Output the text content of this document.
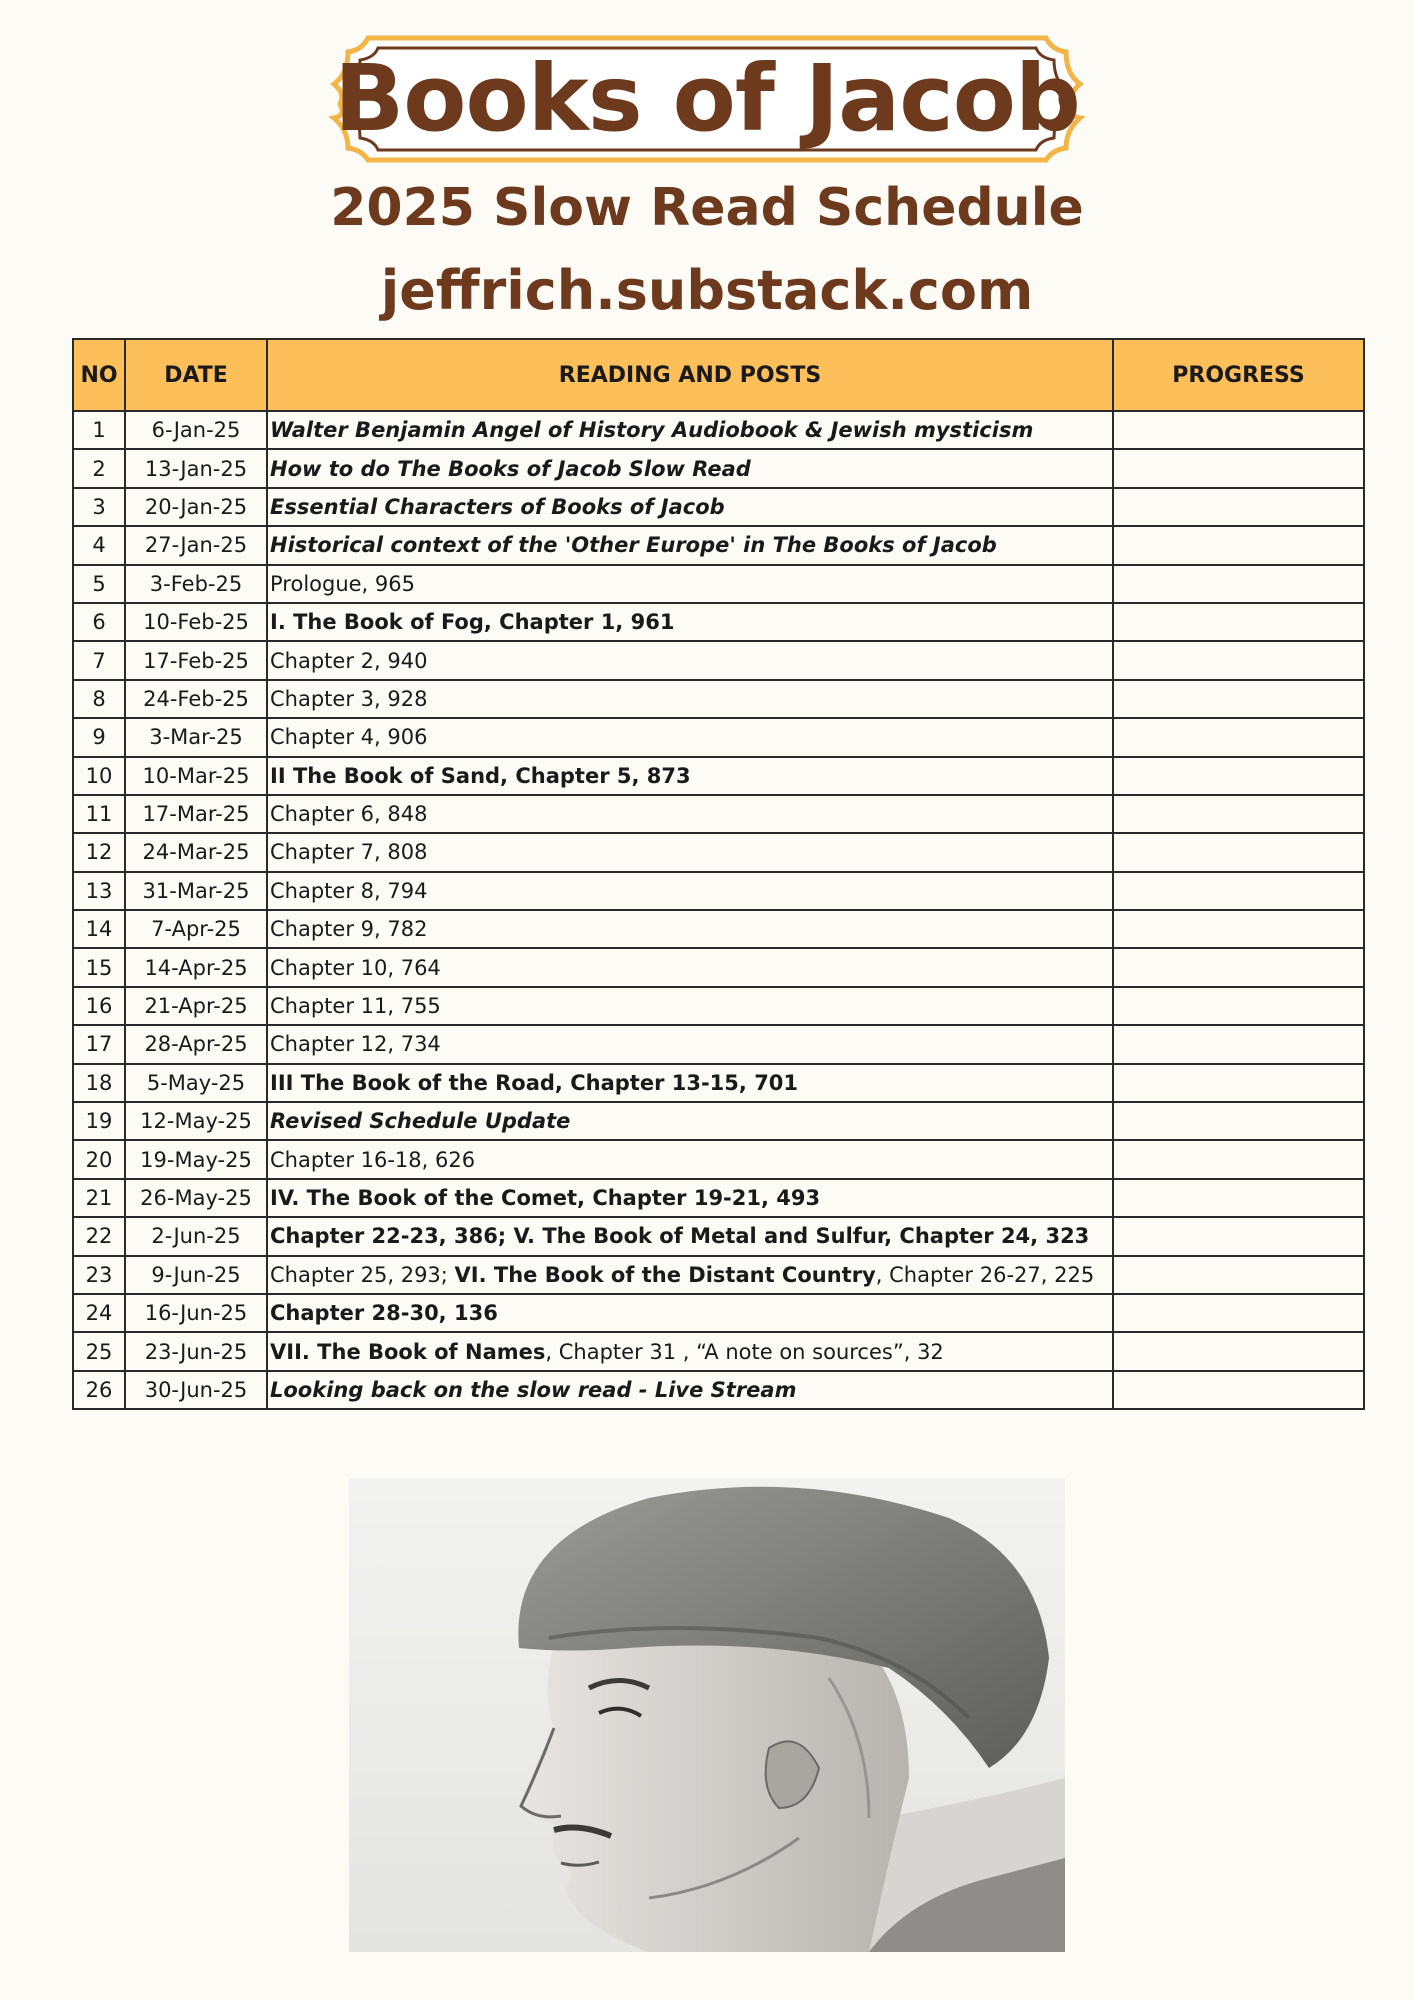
Books of Jacob
2025 Slow Read Schedule
jeffrich.substack.com
NO	DATE	READING AND POSTS	PROGRESS
1	6-Jan-25	Walter Benjamin Angel of History Audiobook & Jewish mysticism	
2	13-Jan-25	How to do The Books of Jacob Slow Read	
3	20-Jan-25	Essential Characters of Books of Jacob	
4	27-Jan-25	Historical context of the 'Other Europe' in The Books of Jacob	
5	3-Feb-25	Prologue, 965	
6	10-Feb-25	I. The Book of Fog, Chapter 1, 961	
7	17-Feb-25	Chapter 2, 940	
8	24-Feb-25	Chapter 3, 928	
9	3-Mar-25	Chapter 4, 906	
10	10-Mar-25	II The Book of Sand, Chapter 5, 873	
11	17-Mar-25	Chapter 6, 848	
12	24-Mar-25	Chapter 7, 808	
13	31-Mar-25	Chapter 8, 794	
14	7-Apr-25	Chapter 9, 782	
15	14-Apr-25	Chapter 10, 764	
16	21-Apr-25	Chapter 11, 755	
17	28-Apr-25	Chapter 12, 734	
18	5-May-25	III The Book of the Road, Chapter 13-15, 701	
19	12-May-25	Revised Schedule Update	
20	19-May-25	Chapter 16-18, 626	
21	26-May-25	IV. The Book of the Comet, Chapter 19-21, 493	
22	2-Jun-25	Chapter 22-23, 386; V. The Book of Metal and Sulfur, Chapter 24, 323	
23	9-Jun-25	Chapter 25, 293; VI. The Book of the Distant Country, Chapter 26-27, 225	
24	16-Jun-25	Chapter 28-30, 136	
25	23-Jun-25	VII. The Book of Names, Chapter 31 , “A note on sources”, 32	
26	30-Jun-25	Looking back on the slow read - Live Stream	
